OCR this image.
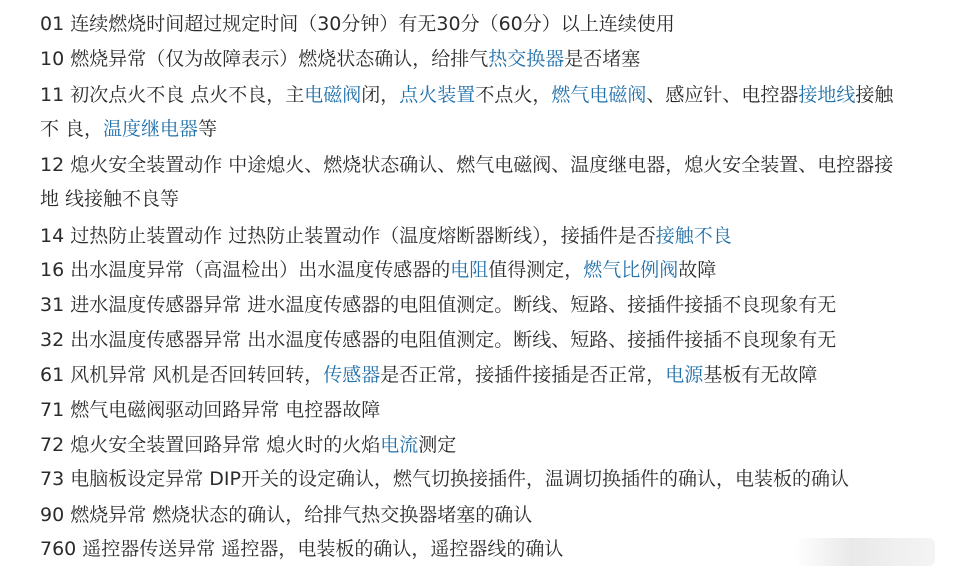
01 连续燃烧时间超过规定时间（30分钟）有无30分（60分）以上连续使用
10 燃烧异常（仅为故障表示）燃烧状态确认，给排气热交换器是否堵塞
11 初次点火不良 点火不良，主电磁阀闭，点火装置不点火，燃气电磁阀、感应针、电控器接地线接触
不 良，温度继电器等
12 熄火安全装置动作 中途熄火、燃烧状态确认、燃气电磁阀、温度继电器，熄火安全装置、电控器接
地 线接触不良等
14 过热防止装置动作 过热防止装置动作（温度熔断器断线），接插件是否接触不良
16 出水温度异常（高温检出）出水温度传感器的电阻值得测定，燃气比例阀故障
31 进水温度传感器异常 进水温度传感器的电阻值测定。断线、短路、接插件接插不良现象有无
32 出水温度传感器异常 出水温度传感器的电阻值测定。断线、短路、接插件接插不良现象有无
61 风机异常 风机是否回转回转，传感器是否正常，接插件接插是否正常，电源基板有无故障
71 燃气电磁阀驱动回路异常 电控器故障
72 熄火安全装置回路异常 熄火时的火焰电流测定
73 电脑板设定异常 DIP开关的设定确认，燃气切换接插件，温调切换插件的确认，电装板的确认
90 燃烧异常 燃烧状态的确认，给排气热交换器堵塞的确认
760 遥控器传送异常 遥控器，电装板的确认，遥控器线的确认
